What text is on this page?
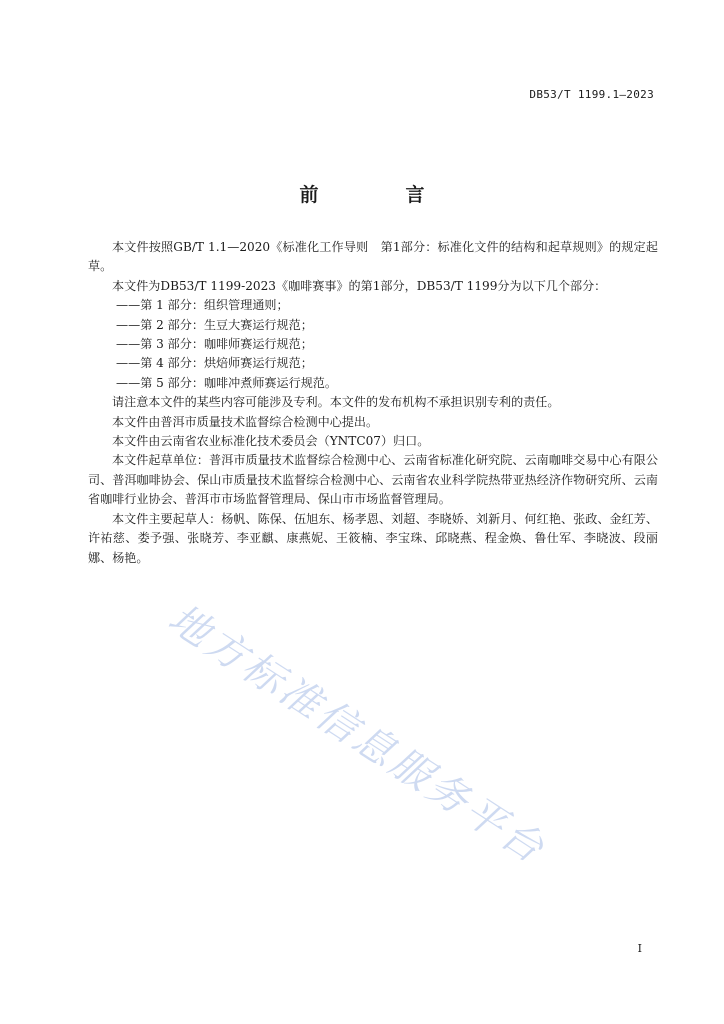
DB53/T 1199.1—2023
前　言

本文件按照GB/T 1.1—2020《标准化工作导则　第1部分：标准化文件的结构和起草规则》的规定起草。

本文件为DB53/T 1199-2023《咖啡赛事》的第1部分，DB53/T 1199分为以下几个部分：

——第 1 部分：组织管理通则；

——第 2 部分：生豆大赛运行规范；

——第 3 部分：咖啡师赛运行规范；

——第 4 部分：烘焙师赛运行规范；

——第 5 部分：咖啡冲煮师赛运行规范。

请注意本文件的某些内容可能涉及专利。本文件的发布机构不承担识别专利的责任。

本文件由普洱市质量技术监督综合检测中心提出。

本文件由云南省农业标准化技术委员会（YNTC07）归口。

本文件起草单位：普洱市质量技术监督综合检测中心、云南省标准化研究院、云南咖啡交易中心有限公司、普洱咖啡协会、保山市质量技术监督综合检测中心、云南省农业科学院热带亚热经济作物研究所、云南省咖啡行业协会、普洱市市场监督管理局、保山市市场监督管理局。

本文件主要起草人：杨帆、陈保、伍旭东、杨孝恩、刘超、李晓娇、刘新月、何红艳、张政、金红芳、许祐慈、娄予强、张晓芳、李亚麒、康燕妮、王筱楠、李宝珠、邱晓燕、程金焕、鲁仕军、李晓波、段丽娜、杨艳。

地方标准信息服务平台
I
